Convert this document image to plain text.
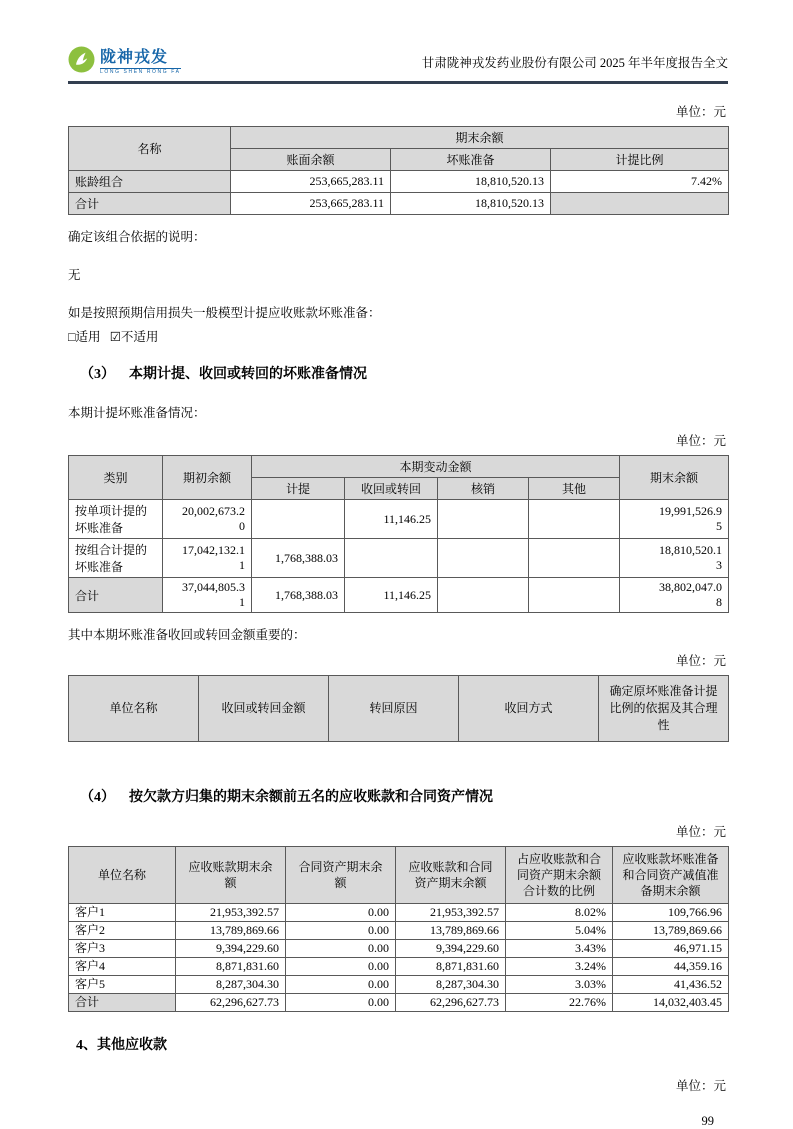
陇神戎发
LONG SHEN RONG FA
甘肃陇神戎发药业股份有限公司 2025 年半年度报告全文
单位：元
名称	期末余额		
	账面余额	坏账准备	计提比例
账龄组合	253,665,283.11	18,810,520.13	7.42%
合计	253,665,283.11	18,810,520.13	
确定该组合依据的说明：
无
如是按照预期信用损失一般模型计提应收账款坏账准备：
□适用 ☑不适用
（3） 本期计提、收回或转回的坏账准备情况
本期计提坏账准备情况：
单位：元
类别	期初余额	本期变动金额				期末余额
		计提	收回或转回	核销	其他	
按单项计提的坏账准备	20,002,673.20		11,146.25			19,991,526.95

按组合计提的坏账准备	17,042,132.11	1,768,388.03				18,810,520.13

合计	37,044,805.31	1,768,388.03	11,146.25			38,802,047.08
其中本期坏账准备收回或转回金额重要的：
单位：元
单位名称	收回或转回金额	转回原因	收回方式	确定原坏账准备计提比例的依据及其合理性
（4） 按欠款方归集的期末余额前五名的应收账款和合同资产情况
单位：元
单位名称	应收账款期末余额	合同资产期末余额	应收账款和合同资产期末余额	占应收账款和合同资产期末余额合计数的比例	应收账款坏账准备和合同资产减值准备期末余额
客户1	21,953,392.57	0.00	21,953,392.57	8.02%	109,766.96
客户2	13,789,869.66	0.00	13,789,869.66	5.04%	13,789,869.66
客户3	9,394,229.60	0.00	9,394,229.60	3.43%	46,971.15
客户4	8,871,831.60	0.00	8,871,831.60	3.24%	44,359.16
客户5	8,287,304.30	0.00	8,287,304.30	3.03%	41,436.52
合计	62,296,627.73	0.00	62,296,627.73	22.76%	14,032,403.45
4、其他应收款
单位：元
99
